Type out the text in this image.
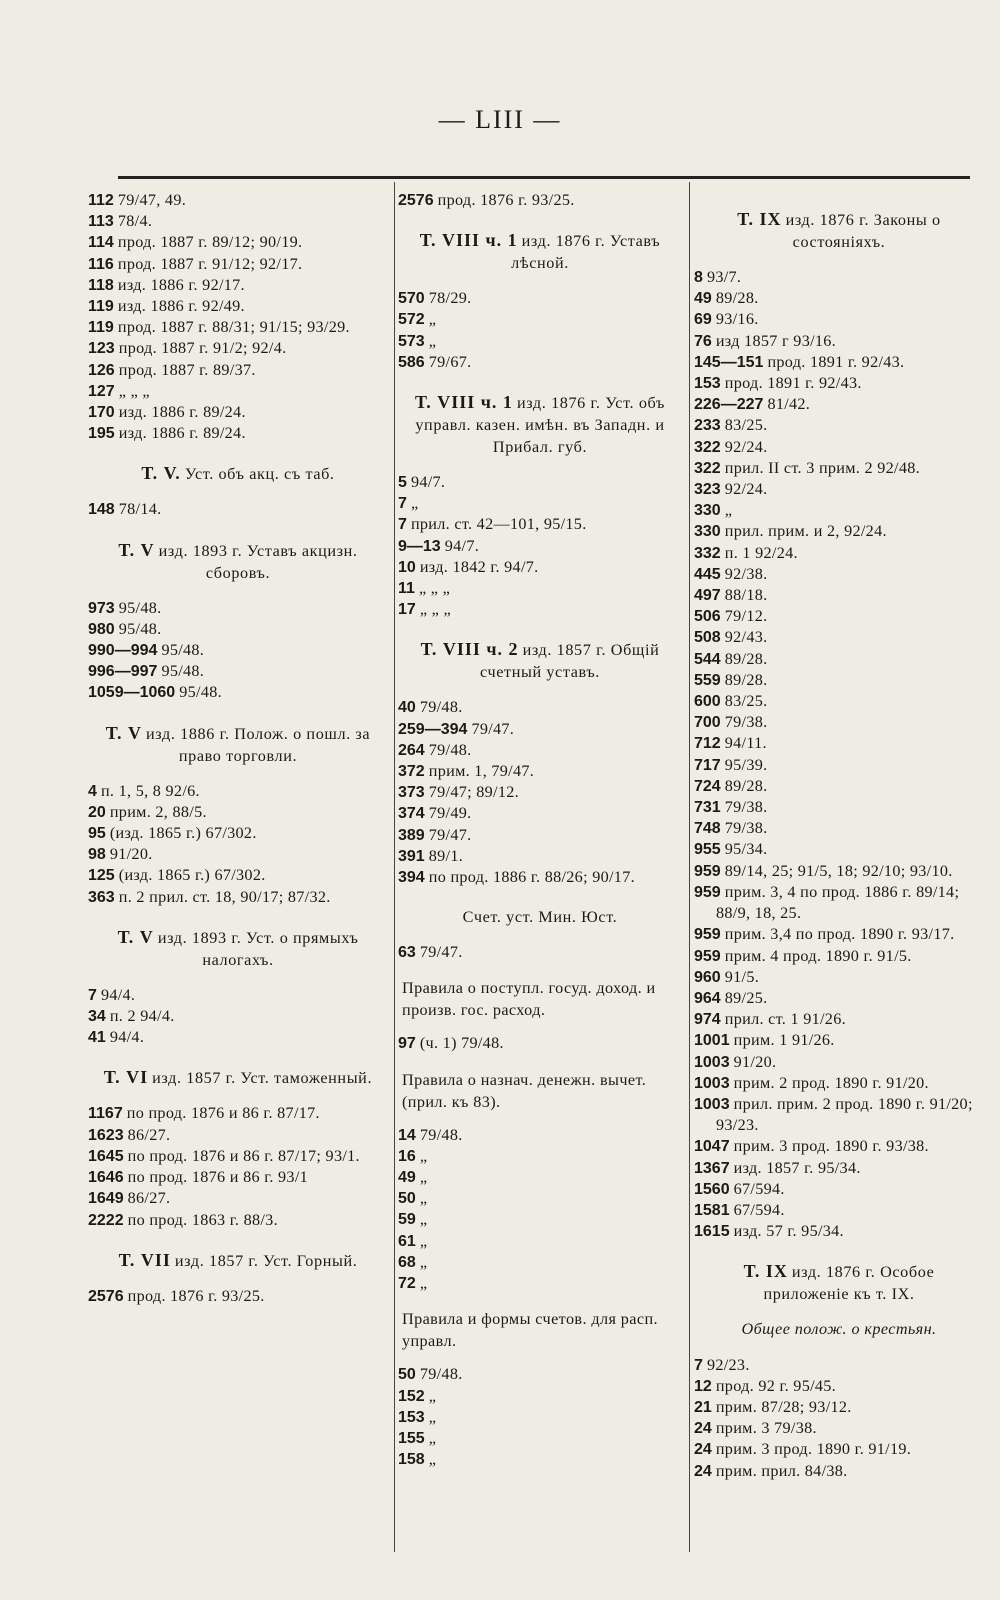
— LIII —

112 79/47, 49.

113 78/4.

114 прод. 1887 г. 89/12; 90/19.

116 прод. 1887 г. 91/12; 92/17.

118 изд. 1886 г. 92/17.

119 изд. 1886 г. 92/49.

119 прод. 1887 г. 88/31; 91/15; 93/29.

123 прод. 1887 г. 91/2; 92/4.

126 прод. 1887 г. 89/37.

127 „ „ „

170 изд. 1886 г. 89/24.

195 изд. 1886 г. 89/24.

Т. V. Уст. объ акц. съ таб.

148 78/14.

Т. V изд. 1893 г. Уставъ акцизн. сборовъ.

973 95/48.

980 95/48.

990—994 95/48.

996—997 95/48.

1059—1060 95/48.

Т. V изд. 1886 г. Полож. о пошл. за право торговли.

4 п. 1, 5, 8 92/6.

20 прим. 2, 88/5.

95 (изд. 1865 г.) 67/302.

98 91/20.

125 (изд. 1865 г.) 67/302.

363 п. 2 прил. ст. 18, 90/17; 87/32.

Т. V изд. 1893 г. Уст. о прямыхъ налогахъ.

7 94/4.

34 п. 2 94/4.

41 94/4.

Т. VI изд. 1857 г. Уст. таможенный.

1167 по прод. 1876 и 86 г. 87/17.

1623 86/27.

1645 по прод. 1876 и 86 г. 87/17; 93/1.

1646 по прод. 1876 и 86 г. 93/1

1649 86/27.

2222 по прод. 1863 г. 88/3.

Т. VII изд. 1857 г. Уст. Горный.

2576 прод. 1876 г. 93/25.

2576 прод. 1876 г. 93/25.

Т. VIII ч. 1 изд. 1876 г. Уставъ лѣсной.

570 78/29.

572 „

573 „

586 79/67.

Т. VIII ч. 1 изд. 1876 г. Уст. объ управл. казен. имѣн. въ Западн. и Прибал. губ.

5 94/7.

7 „

7 прил. ст. 42—101, 95/15.

9—13 94/7.

10 изд. 1842 г. 94/7.

11 „ „ „

17 „ „ „

Т. VIII ч. 2 изд. 1857 г. Общій счетный уставъ.

40 79/48.

259—394 79/47.

264 79/48.

372 прим. 1, 79/47.

373 79/47; 89/12.

374 79/49.

389 79/47.

391 89/1.

394 по прод. 1886 г. 88/26; 90/17.

Счет. уст. Мин. Юст.

63 79/47.

Правила о поступл. госуд. доход. и произв. гос. расход.

97 (ч. 1) 79/48.

Правила о назнач. денежн. вычет. (прил. къ 83).

14 79/48.

16 „

49 „

50 „

59 „

61 „

68 „

72 „

Правила и формы счетов. для расп. управл.

50 79/48.

152 „

153 „

155 „

158 „

Т. IX изд. 1876 г. Законы о состояніяхъ.

8 93/7.

49 89/28.

69 93/16.

76 изд 1857 г 93/16.

145—151 прод. 1891 г. 92/43.

153 прод. 1891 г. 92/43.

226—227 81/42.

233 83/25.

322 92/24.

322 прил. II ст. 3 прим. 2 92/48.

323 92/24.

330 „

330 прил. прим. и 2, 92/24.

332 п. 1 92/24.

445 92/38.

497 88/18.

506 79/12.

508 92/43.

544 89/28.

559 89/28.

600 83/25.

700 79/38.

712 94/11.

717 95/39.

724 89/28.

731 79/38.

748 79/38.

955 95/34.

959 89/14, 25; 91/5, 18; 92/10; 93/10.

959 прим. 3, 4 по прод. 1886 г. 89/14; 88/9, 18, 25.

959 прим. 3,4 по прод. 1890 г. 93/17.

959 прим. 4 прод. 1890 г. 91/5.

960 91/5.

964 89/25.

974 прил. ст. 1 91/26.

1001 прим. 1 91/26.

1003 91/20.

1003 прим. 2 прод. 1890 г. 91/20.

1003 прил. прим. 2 прод. 1890 г. 91/20; 93/23.

1047 прим. 3 прод. 1890 г. 93/38.

1367 изд. 1857 г. 95/34.

1560 67/594.

1581 67/594.

1615 изд. 57 г. 95/34.

Т. IX изд. 1876 г. Особое приложеніе къ т. IX.
Общее полож. о крестьян.

7 92/23.

12 прод. 92 г. 95/45.

21 прим. 87/28; 93/12.

24 прим. 3 79/38.

24 прим. 3 прод. 1890 г. 91/19.

24 прим. прил. 84/38.
